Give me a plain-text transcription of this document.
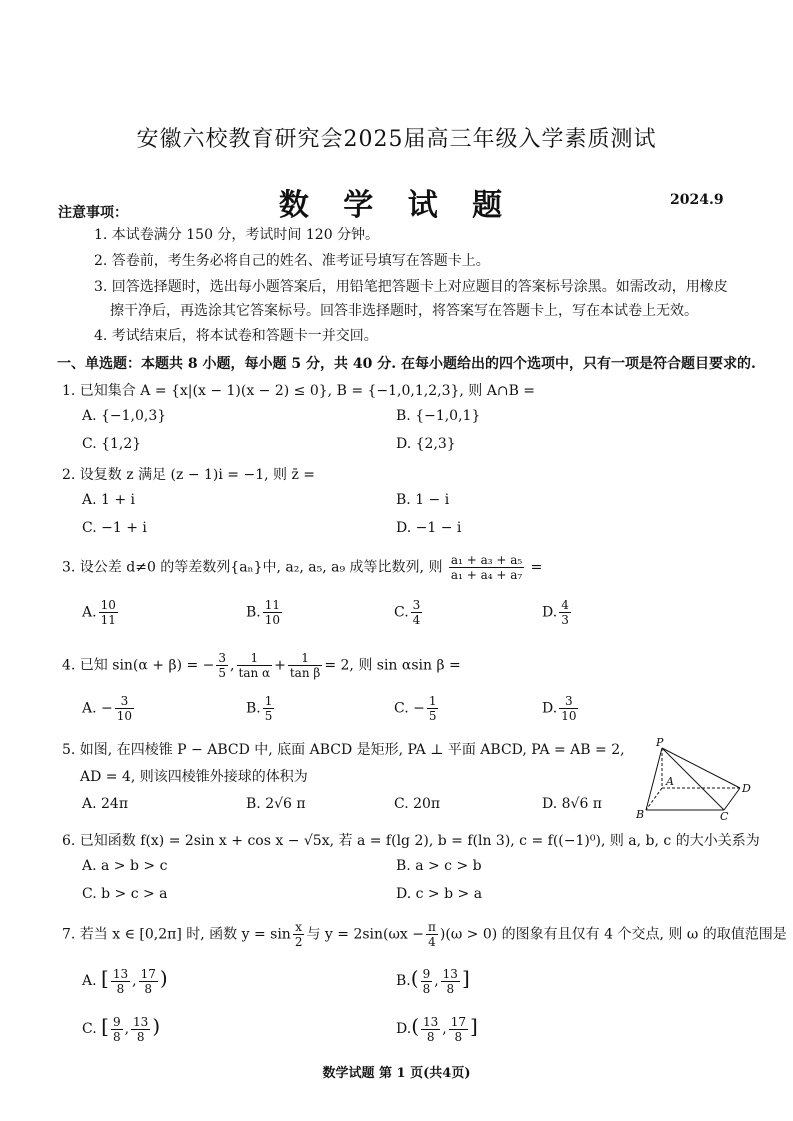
安徽六校教育研究会2025届高三年级入学素质测试
数 学 试 题	2024.9
注意事项：
1. 本试卷满分 150 分，考试时间 120 分钟。
2. 答卷前，考生务必将自己的姓名、准考证号填写在答题卡上。
3. 回答选择题时，选出每小题答案后，用铅笔把答题卡上对应题目的答案标号涂黑。如需改动，用橡皮
擦干净后，再选涂其它答案标号。回答非选择题时，将答案写在答题卡上，写在本试卷上无效。
4. 考试结束后，将本试卷和答题卡一并交回。
一、单选题：本题共 8 小题，每小题 5 分，共 40 分. 在每小题给出的四个选项中，只有一项是符合题目要求的.
1. 已知集合 A = {x|(x − 1)(x − 2) ≤ 0}, B = {−1,0,1,2,3}, 则 A∩B =
A. {−1,0,3}	B. {−1,0,1}
C. {1,2}	D. {2,3}
2. 设复数 z 满足 (z − 1)i = −1, 则 z̄ =
A. 1 + i	B. 1 − i
C. −1 + i	D. −1 − i
3. 设公差 d≠0 的等差数列{aₙ}中, a₂, a₅, a₉ 成等比数列, 则 $\frac{\text{a₁ + a₃ + a₅}}{\text{a₁ + a₄ + a₇}}$ =
A. $\frac{10}{11}$	B. $\frac{11}{10}$	C. $\frac{3}{4}$	D. $\frac{4}{3}$
4. 已知 sin(α + β) = − $\frac{3}{5}$ , $\frac{1}{\text{tan α}} + \frac{1}{\text{tan β}} = 2$, 则 sin αsin β =
A. − $\frac{3}{10}$	B. $\frac{1}{5}$	C. − $\frac{1}{5}$	D. $\frac{3}{10}$
5. 如图, 在四棱锥 P − ABCD 中, 底面 ABCD 是矩形, PA ⊥ 平面 ABCD, PA = AB = 2,
AD = 4, 则该四棱锥外接球的体积为
A. 24π	B. 2√6 π	C. 20π	D. 8√6 π
P
A
B	C
D
6. 已知函数 f(x) = 2sin x + cos x − √5x, 若 a = f(lg 2), b = f(ln 3), c = f((−1)⁰), 则 a, b, c 的大小关系为
A. a > b > c	B. a > c > b
C. b > c > a	D. c > b > a
7. 若当 x ∈ [0,2π] 时, 函数 $y = \sin \frac{x}{2}$ 与 $y = 2\sin(\omega x - \frac{\pi}{4} )(\omega > 0)$ 的图象有且仅有 4 个交点, 则 ω 的取值范围是
A. [ $\frac{13}{8}$ , $\frac{17}{8}$ )	$B.( \frac{9}{8}$ , $\frac{13}{8}$ ]
C. [ $\frac{9}{8}$ , $\frac{13}{8}$ )	$D.( \frac{13}{8}$ , $\frac{17}{8}$ ]
数学试题 第 1 页(共4页)
